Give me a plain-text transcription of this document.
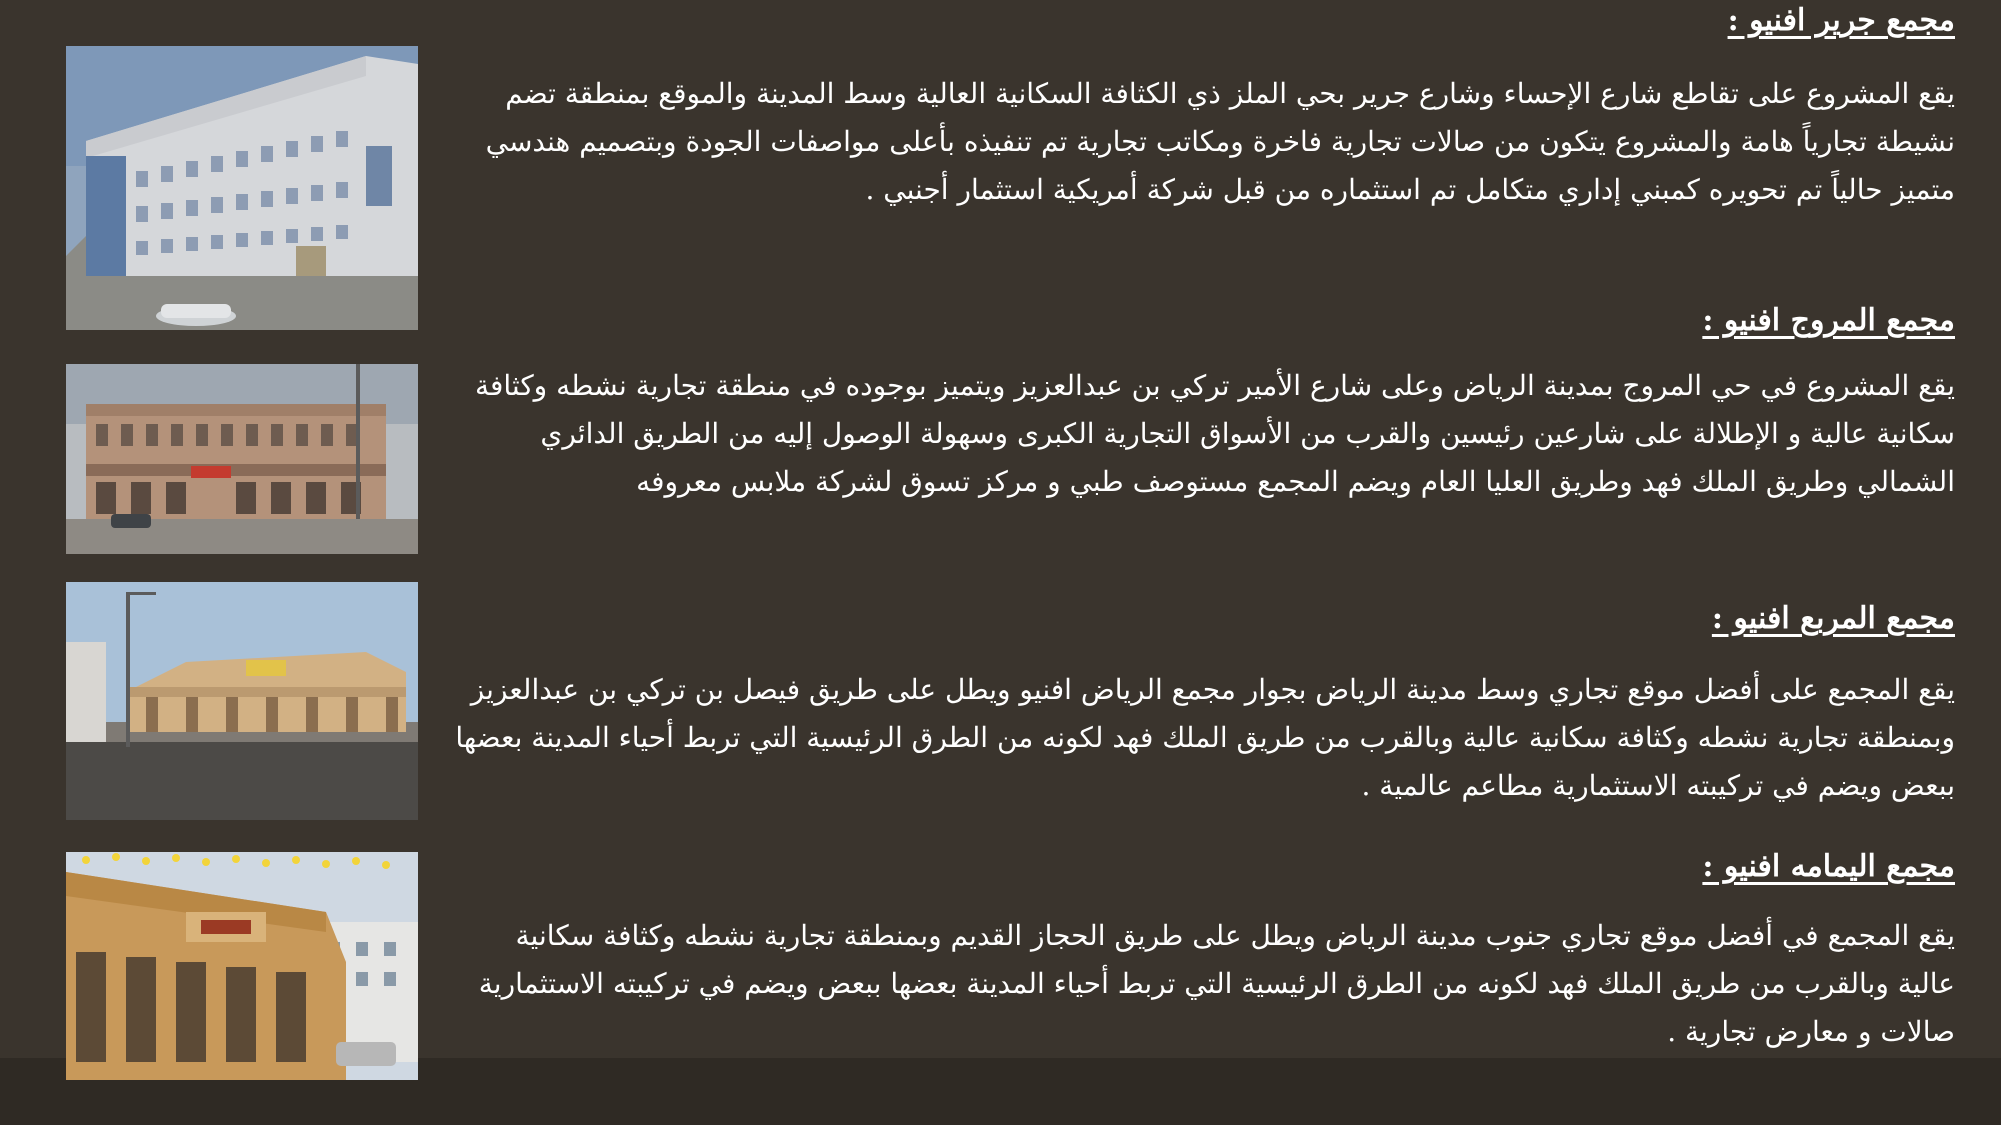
مجمع جرير افنيو :

يقع المشروع على تقاطع شارع الإحساء وشارع جرير بحي الملز ذي الكثافة السكانية العالية وسط المدينة والموقع بمنطقة تضم نشيطة تجارياً هامة والمشروع يتكون من صالات تجارية فاخرة ومكاتب تجارية تم تنفيذه بأعلى مواصفات الجودة وبتصميم هندسي متميز حالياً تم تحويره كمبني إداري متكامل تم استثماره من قبل شركة أمريكية استثمار أجنبي .

مجمع المروج افنيو :

يقع المشروع في حي المروج بمدينة الرياض وعلى شارع الأمير تركي بن عبدالعزيز ويتميز بوجوده في منطقة تجارية نشطه وكثافة سكانية عالية و الإطلالة على شارعين رئيسين والقرب من الأسواق التجارية الكبرى وسهولة الوصول إليه من الطريق الدائري الشمالي وطريق الملك فهد وطريق العليا العام ويضم المجمع مستوصف طبي و مركز تسوق لشركة ملابس معروفه

مجمع المربع افنيو :

يقع المجمع على أفضل موقع تجاري وسط مدينة الرياض بجوار مجمع الرياض افنيو ويطل على طريق فيصل بن تركي بن عبدالعزيز وبمنطقة تجارية نشطه وكثافة سكانية عالية وبالقرب من طريق الملك فهد لكونه من الطرق الرئيسية التي تربط أحياء المدينة بعضها ببعض ويضم في تركيبته الاستثمارية مطاعم عالمية .

مجمع اليمامه افنيو :

يقع المجمع في أفضل موقع تجاري جنوب مدينة الرياض ويطل على طريق الحجاز القديم وبمنطقة تجارية نشطه وكثافة سكانية عالية وبالقرب من طريق الملك فهد لكونه من الطرق الرئيسية التي تربط أحياء المدينة بعضها ببعض ويضم في تركيبته الاستثمارية صالات و معارض تجارية .
